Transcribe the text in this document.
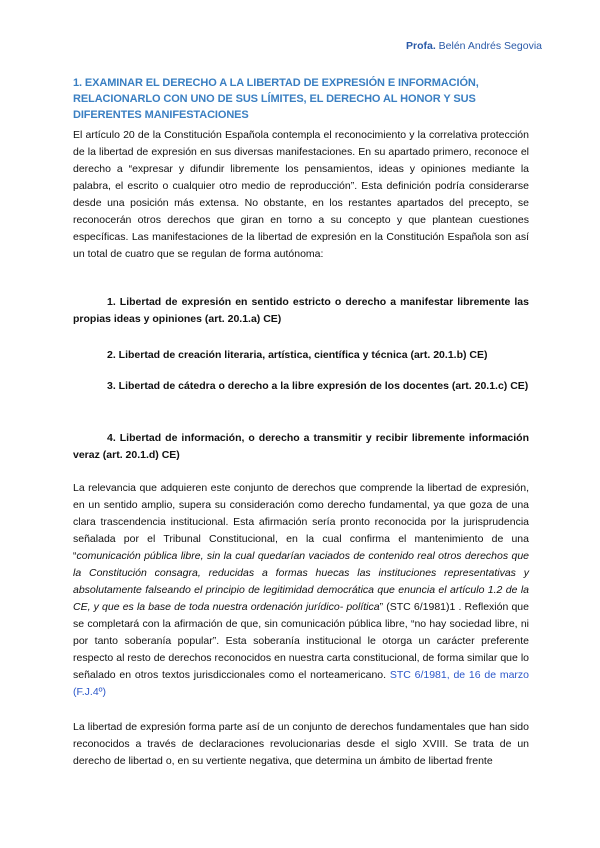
Profa. Belén Andrés Segovia
1. EXAMINAR EL DERECHO A LA LIBERTAD DE EXPRESIÓN E INFORMACIÓN, RELACIONARLO CON UNO DE SUS LÍMITES, EL DERECHO AL HONOR Y SUS DIFERENTES MANIFESTACIONES
El artículo 20 de la Constitución Española contempla el reconocimiento y la correlativa protección de la libertad de expresión en sus diversas manifestaciones. En su apartado primero, reconoce el derecho a “expresar y difundir libremente los pensamientos, ideas y opiniones mediante la palabra, el escrito o cualquier otro medio de reproducción”. Esta definición podría considerarse desde una posición más extensa. No obstante, en los restantes apartados del precepto, se reconocerán otros derechos que giran en torno a su concepto y que plantean cuestiones específicas. Las manifestaciones de la libertad de expresión en la Constitución Española son así un total de cuatro que se regulan de forma autónoma:

1. Libertad de expresión en sentido estricto o derecho a manifestar libremente las propias ideas y opiniones (art. 20.1.a) CE)

2. Libertad de creación literaria, artística, científica y técnica (art. 20.1.b) CE)

3. Libertad de cátedra o derecho a la libre expresión de los docentes (art. 20.1.c) CE)

4. Libertad de información, o derecho a transmitir y recibir libremente información veraz (art. 20.1.d) CE)

La relevancia que adquieren este conjunto de derechos que comprende la libertad de expresión, en un sentido amplio, supera su consideración como derecho fundamental, ya que goza de una clara trascendencia institucional. Esta afirmación sería pronto reconocida por la jurisprudencia señalada por el Tribunal Constitucional, en la cual confirma el mantenimiento de una “comunicación pública libre, sin la cual quedarían vaciados de contenido real otros derechos que la Constitución consagra, reducidas a formas huecas las instituciones representativas y absolutamente falseando el principio de legitimidad democrática que enuncia el artículo 1.2 de la CE, y que es la base de toda nuestra ordenación jurídico- política” (STC 6/1981)1 . Reflexión que se completará con la afirmación de que, sin comunicación pública libre, “no hay sociedad libre, ni por tanto soberanía popular”. Esta soberanía institucional le otorga un carácter preferente respecto al resto de derechos reconocidos en nuestra carta constitucional, de forma similar que lo señalado en otros textos jurisdiccionales como el norteamericano. STC 6/1981, de 16 de marzo (F.J.4º)
La libertad de expresión forma parte así de un conjunto de derechos fundamentales que han sido reconocidos a través de declaraciones revolucionarias desde el siglo XVIII. Se trata de un derecho de libertad o, en su vertiente negativa, que determina un ámbito de libertad frente
